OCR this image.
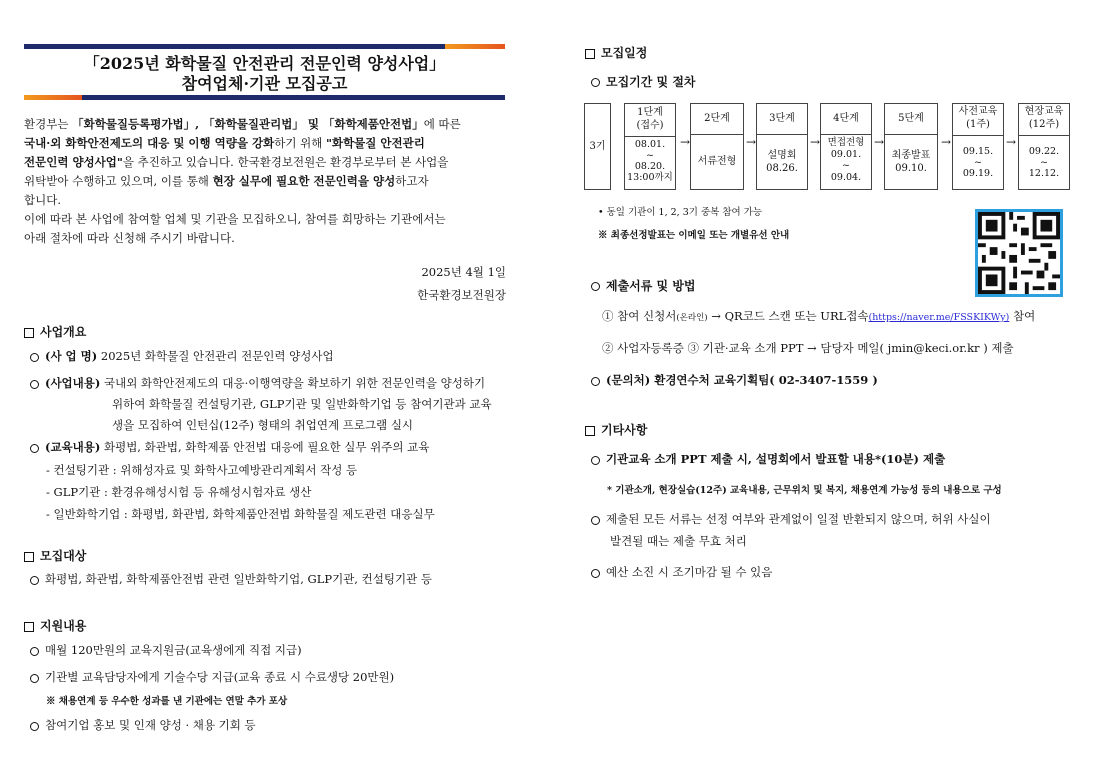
「2025년 화학물질 안전관리 전문인력 양성사업」
참여업체·기관 모집공고
환경부는 「화학물질등록평가법」, 「화학물질관리법」 및 「화학제품안전법」에 따른
국내·외 화학안전제도의 대응 및 이행 역량을 강화하기 위해 "화학물질 안전관리
전문인력 양성사업"을 추진하고 있습니다. 한국환경보전원은 환경부로부터 본 사업을
위탁받아 수행하고 있으며, 이를 통해 현장 실무에 필요한 전문인력을 양성하고자
합니다.
이에 따라 본 사업에 참여할 업체 및 기관을 모집하오니, 참여를 희망하는 기관에서는
아래 절차에 따라 신청해 주시기 바랍니다.
2025년 4월 1일
한국환경보전원장
사업개요
(사 업 명) 2025년 화학물질 안전관리 전문인력 양성사업
(사업내용) 국내외 화학안전제도의 대응·이행역량을 확보하기 위한 전문인력을 양성하기
위하여 화학물질 컨설팅기관, GLP기관 및 일반화학기업 등 참여기관과 교육
생을 모집하여 인턴십(12주) 형태의 취업연계 프로그램 실시
(교육내용) 화평법, 화관법, 화학제품 안전법 대응에 필요한 실무 위주의 교육
- 컨설팅기관 : 위해성자료 및 화학사고예방관리계획서 작성 등
- GLP기관 : 환경유해성시험 등 유해성시험자료 생산
- 일반화학기업 : 화평법, 화관법, 화학제품안전법 화학물질 제도관련 대응실무
모집대상
화평법, 화관법, 화학제품안전법 관련 일반화학기업, GLP기관, 컨설팅기관 등
지원내용
매월 120만원의 교육지원금(교육생에게 직접 지급)
기관별 교육담당자에게 기술수당 지급(교육 종료 시 수료생당 20만원)
※ 채용연계 등 우수한 성과를 낸 기관에는 연말 추가 포상
참여기업 홍보 및 인재 양성 · 채용 기회 등
모집일정
모집기간 및 절차
3기
1단계
(접수)
08.01.
~
08.20.
13:00까지
→
2단계
서류전형
→
3단계
설명회
08.26.
→
4단계
면접전형
09.01.
~
09.04.
→
5단계
최종발표
09.10.
→
사전교육
(1주)
09.15.
~
09.19.
→
현장교육
(12주)
09.22.
~
12.12.
• 동일 기관이 1, 2, 3기 중복 참여 가능
※ 최종선정발표는 이메일 또는 개별유선 안내
제출서류 및 방법
① 참여 신청서(온라인) → QR코드 스캔 또는 URL접속(https://naver.me/FSSKIKWy) 참여
② 사업자등록증 ③ 기관·교육 소개 PPT → 담당자 메일( jmin@keci.or.kr ) 제출
(문의처) 환경연수처 교육기획팀( 02-3407-1559 )
기타사항
기관교육 소개 PPT 제출 시, 설명회에서 발표할 내용*(10분) 제출
* 기관소개, 현장실습(12주) 교육내용, 근무위치 및 복지, 채용연계 가능성 등의 내용으로 구성
제출된 모든 서류는 선정 여부와 관계없이 일절 반환되지 않으며, 허위 사실이
발견될 때는 제출 무효 처리
예산 소진 시 조기마감 될 수 있음
